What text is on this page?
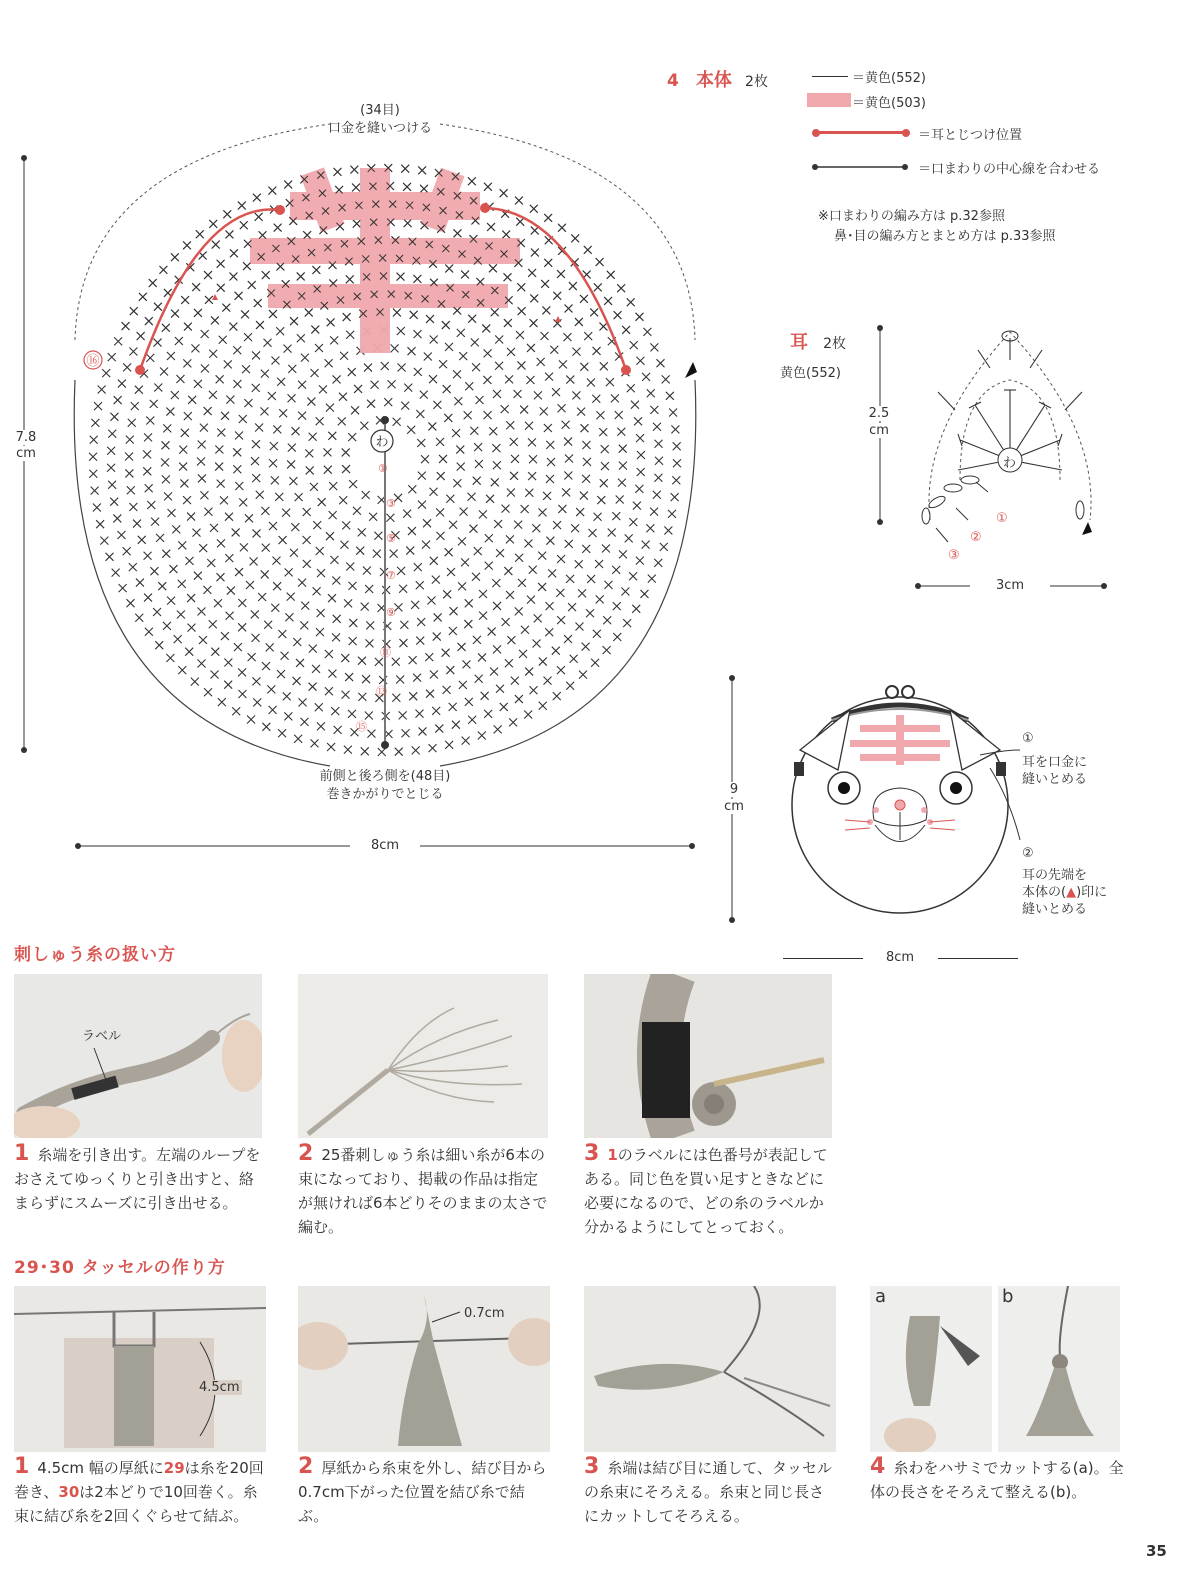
4 本体 2枚	＝黄色(552)
＝黄色(503)
＝耳とじつけ位置
＝口まわりの中心線を合わせる
※口まわりの編み方は p.32参照
鼻･目の編み方とまとめ方は p.33参照
(34目)
口金を縫いつける
わ
⑯
①
③
⑤
⑦
⑨
⑪
⑬
⑮
7.8
cm
前側と後ろ側を(48目)
巻きかがりでとじる
8cm
耳 2枚
黄色(552)
わ
①
②
③
2.5
cm
3cm
9
cm
①
耳を口金に
縫いとめる
②
耳の先端を
本体の(▲)印に
縫いとめる
8cm
刺しゅう糸の扱い方
ラベル
1 糸端を引き出す。左端のループをおさえてゆっくりと引き出すと、絡まらずにスムーズに引き出せる。
2 25番刺しゅう糸は細い糸が6本の束になっており、掲載の作品は指定が無ければ6本どりそのままの太さで編む。
3 1のラベルには色番号が表記してある。同じ色を買い足すときなどに必要になるので、どの糸のラベルか分かるようにしてとっておく。
29･30 タッセルの作り方
4.5cm
0.7cm
a	b
1 4.5cm 幅の厚紙に29は糸を20回巻き、30は2本どりで10回巻く。糸束に結び糸を2回くぐらせて結ぶ。
2 厚紙から糸束を外し、結び目から0.7cm下がった位置を結び糸で結ぶ。
3 糸端は結び目に通して、タッセルの糸束にそろえる。糸束と同じ長さにカットしてそろえる。
4 糸わをハサミでカットする(a)。全体の長さをそろえて整える(b)。
35
